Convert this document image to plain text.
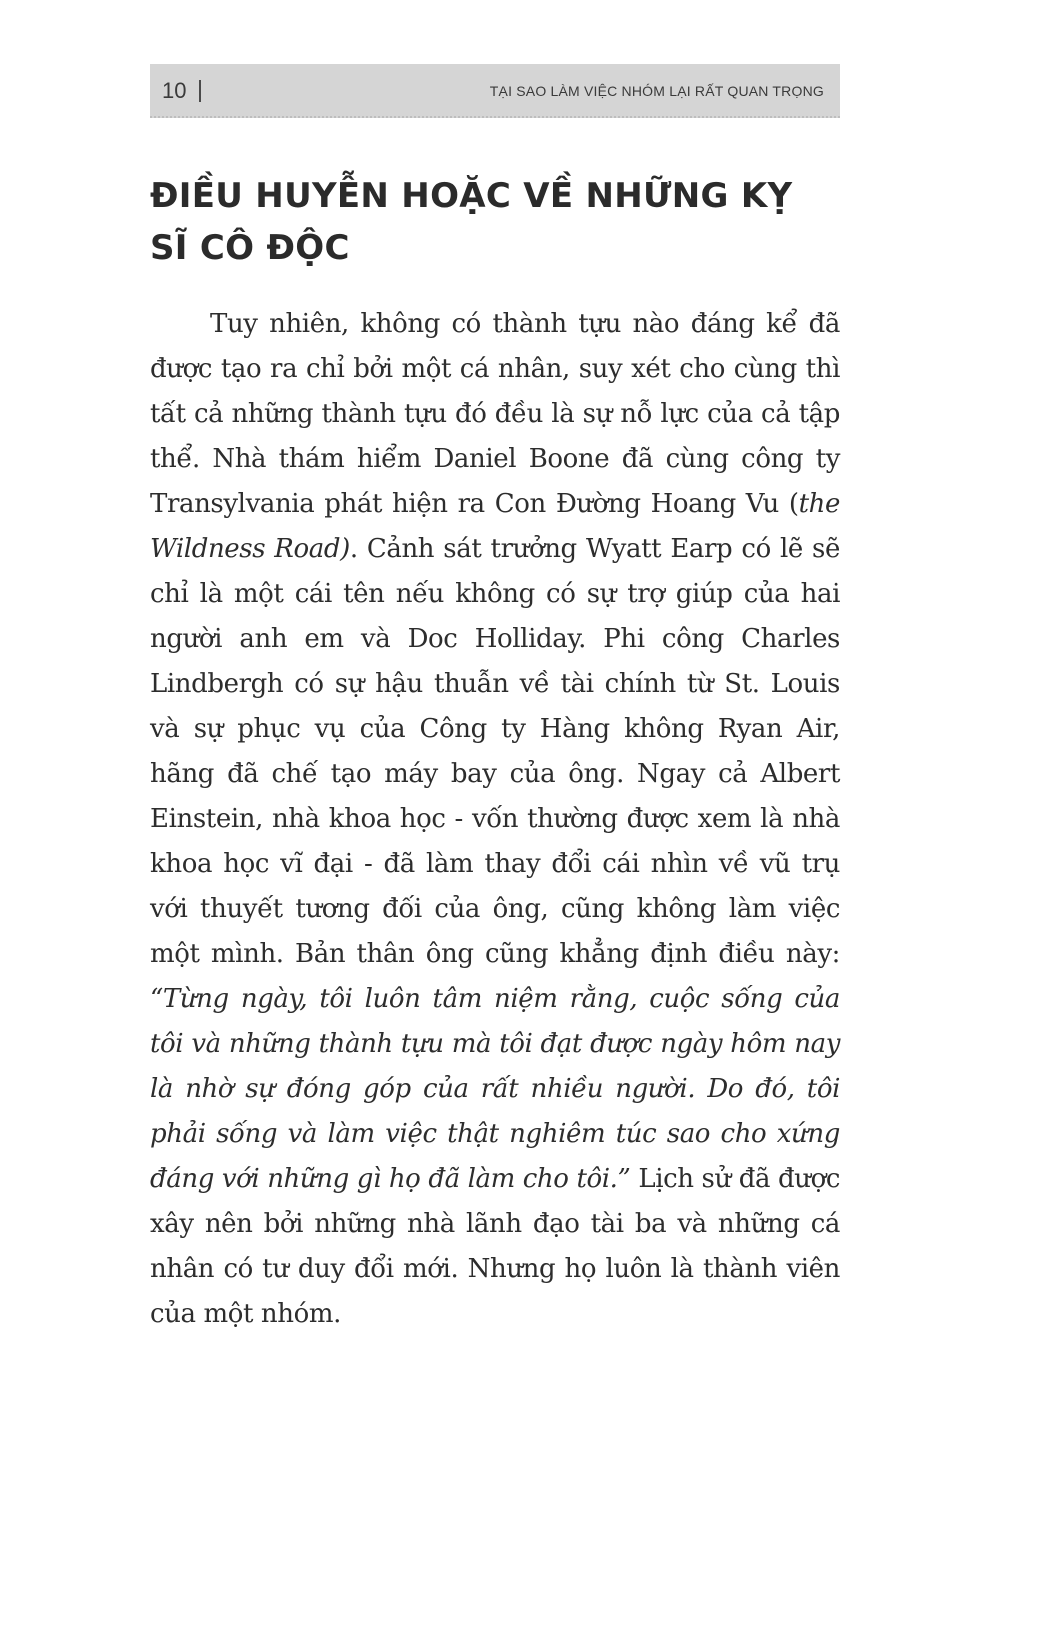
10	TẠI SAO LÀM VIỆC NHÓM LẠI RẤT QUAN TRỌNG
ĐIỀU HUYỄN HOẶC VỀ NHỮNG KỴ SĨ CÔ ĐỘC

Tuy nhiên, không có thành tựu nào đáng kể đã được tạo ra chỉ bởi một cá nhân, suy xét cho cùng thì tất cả những thành tựu đó đều là sự nỗ lực của cả tập thể. Nhà thám hiểm Daniel Boone đã cùng công ty Transylvania phát hiện ra Con Đường Hoang Vu (the Wildness Road). Cảnh sát trưởng Wyatt Earp có lẽ sẽ chỉ là một cái tên nếu không có sự trợ giúp của hai người anh em và Doc Holliday. Phi công Charles Lindbergh có sự hậu thuẫn về tài chính từ St. Louis và sự phục vụ của Công ty Hàng không Ryan Air, hãng đã chế tạo máy bay của ông. Ngay cả Albert Einstein, nhà khoa học - vốn thường được xem là nhà khoa học vĩ đại - đã làm thay đổi cái nhìn về vũ trụ với thuyết tương đối của ông, cũng không làm việc một mình. Bản thân ông cũng khẳng định điều này: “Từng ngày, tôi luôn tâm niệm rằng, cuộc sống của tôi và những thành tựu mà tôi đạt được ngày hôm nay là nhờ sự đóng góp của rất nhiều người. Do đó, tôi phải sống và làm việc thật nghiêm túc sao cho xứng đáng với những gì họ đã làm cho tôi.” Lịch sử đã được xây nên bởi những nhà lãnh đạo tài ba và những cá nhân có tư duy đổi mới. Nhưng họ luôn là thành viên của một nhóm.
